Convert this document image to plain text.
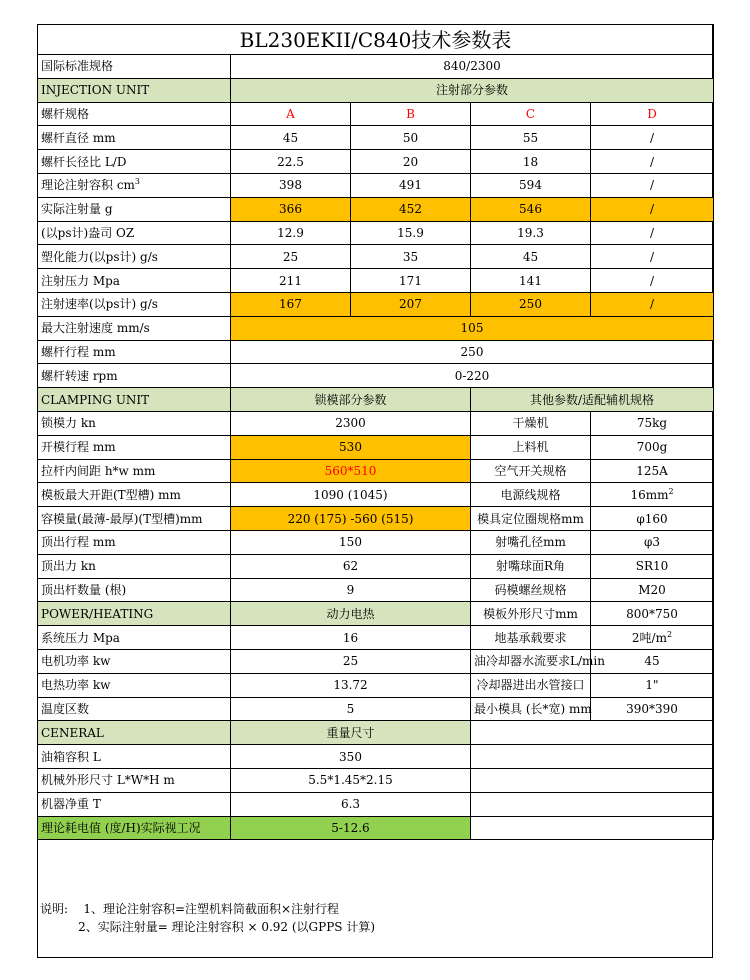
BL230EKII/C840技术参数表				
国际标准规格	840/2300			
INJECTION UNIT	注射部分参数			
螺杆规格	A	B	C	D
螺杆直径 mm	45	50	55	/
螺杆长径比 L/D	22.5	20	18	/
理论注射容积 $cm^3$	398	491	594	/
实际注射量 g	366	452	546	/
(以ps计)盎司 OZ	12.9	15.9	19.3	/
塑化能力(以ps计) g/s	25	35	45	/
注射压力 Mpa	211	171	141	/
注射速率(以ps计) g/s	167	207	250	/
最大注射速度 mm/s	105			
螺杆行程 mm	250			
螺杆转速 rpm	0-220			
CLAMPING UNIT	锁模部分参数		其他参数/适配辅机规格	
锁模力 kn	2300		干燥机	75kg
开模行程 mm	530		上料机	700g
拉杆内间距 h*w mm	560*510		空气开关规格	125A
模板最大开距(T型槽) mm	1090 (1045)		电源线规格	$16mm^2$
容模量(最薄-最厚)(T型槽)mm	220 (175) -560 (515)		模具定位圈规格mm	φ160
顶出行程 mm	150		射嘴孔径mm	φ3
顶出力 kn	62		射嘴球面R角	SR10
顶出杆数量 (根)	9		码模螺丝规格	M20
POWER/HEATING	动力电热		模板外形尺寸mm	800*750
系统压力 Mpa	16		地基承载要求	2吨$/m^2$
电机功率 kw	25		油冷却器水流要求L/min	45
电热功率 kw	13.72		冷却器进出水管接口	1"
温度区数	5		最小模具 (长*宽) mm	390*390
CENERAL	重量尺寸			
油箱容积 L	350			
机械外形尺寸 L*W*H m	5.5*1.45*2.15			
机器净重 T	6.3			
理论耗电值 (度/H)实际视工况	5-12.6			
说明: 1、理论注射容积=注塑机料筒截面积×注射行程
2、实际注射量= 理论注射容积 × 0.92 (以GPPS 计算)
